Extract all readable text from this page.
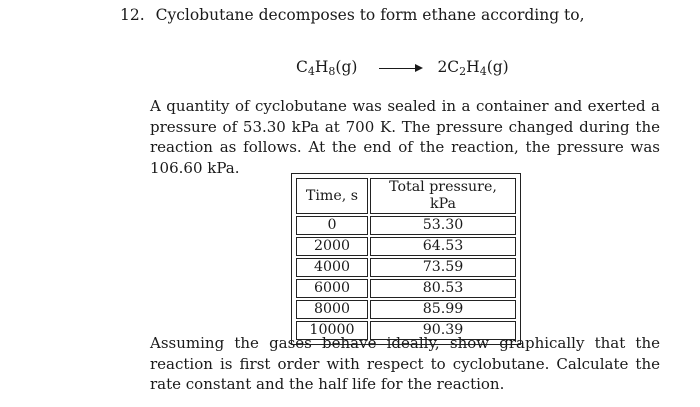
12. Cyclobutane decomposes to form ethane according to,
$C_4H_8(g)$	$2C_2H_4(g)$
A quantity of cyclobutane was sealed in a container and exerted a pressure of 53.30 kPa at 700 K. The pressure changed during the reaction as follows. At the end of the reaction, the pressure was 106.60 kPa.
Time, s	Total pressure, kPa
0	53.30
2000	64.53
4000	73.59
6000	80.53
8000	85.99
10000	90.39
Assuming the gases behave ideally, show graphically that the reaction is first order with respect to cyclobutane. Calculate the rate constant and the half life for the reaction.
